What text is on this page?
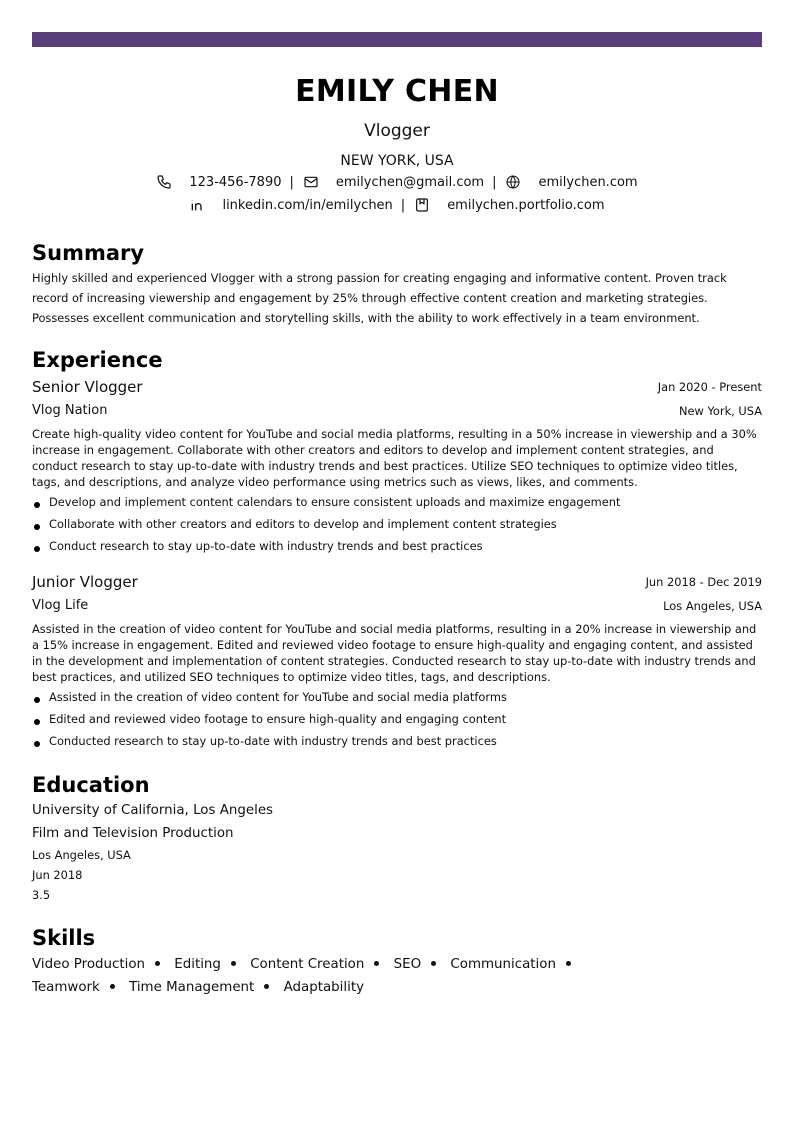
EMILY CHEN
Vlogger
NEW YORK, USA
123-456-7890 |	emilychen@gmail.com |	emilychen.com
linkedin.com/in/emilychen |	emilychen.portfolio.com
Summary
Highly skilled and experienced Vlogger with a strong passion for creating engaging and informative content. Proven track record of increasing viewership and engagement by 25% through effective content creation and marketing strategies. Possesses excellent communication and storytelling skills, with the ability to work effectively in a team environment.
Experience
Senior Vlogger	Jan 2020 - Present
Vlog Nation	New York, USA
Create high-quality video content for YouTube and social media platforms, resulting in a 50% increase in viewership and a 30% increase in engagement. Collaborate with other creators and editors to develop and implement content strategies, and conduct research to stay up-to-date with industry trends and best practices. Utilize SEO techniques to optimize video titles, tags, and descriptions, and analyze video performance using metrics such as views, likes, and comments.
Develop and implement content calendars to ensure consistent uploads and maximize engagement
Collaborate with other creators and editors to develop and implement content strategies
Conduct research to stay up-to-date with industry trends and best practices
Junior Vlogger	Jun 2018 - Dec 2019
Vlog Life	Los Angeles, USA
Assisted in the creation of video content for YouTube and social media platforms, resulting in a 20% increase in viewership and a 15% increase in engagement. Edited and reviewed video footage to ensure high-quality and engaging content, and assisted in the development and implementation of content strategies. Conducted research to stay up-to-date with industry trends and best practices, and utilized SEO techniques to optimize video titles, tags, and descriptions.
Assisted in the creation of video content for YouTube and social media platforms
Edited and reviewed video footage to ensure high-quality and engaging content
Conducted research to stay up-to-date with industry trends and best practices
Education
University of California, Los Angeles
Film and Television Production
Los Angeles, USA
Jun 2018
3.5
Skills
Video Production Editing Content Creation SEO Communication Teamwork Time Management Adaptability
